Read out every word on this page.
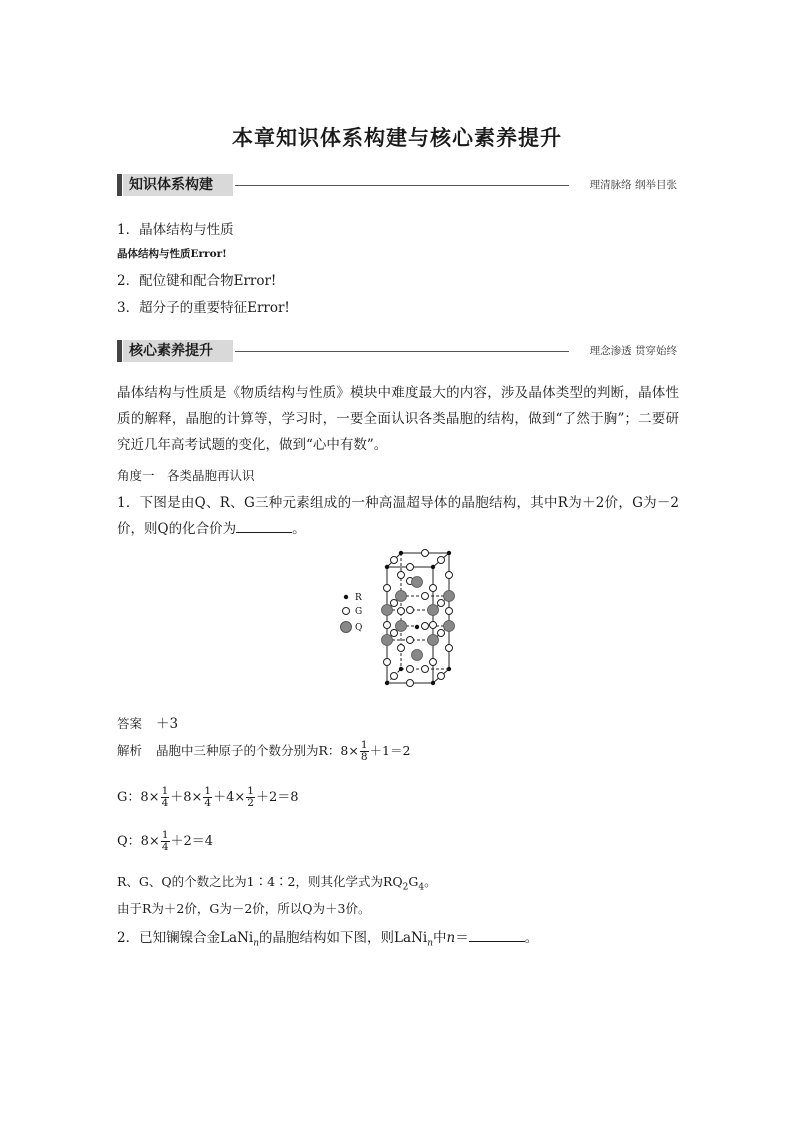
本章知识体系构建与核心素养提升
知识体系构建	理清脉络 纲举目张
1．晶体结构与性质
晶体结构与性质Error!
2．配位键和配合物Error!
3．超分子的重要特征Error!
核心素养提升	理念渗透 贯穿始终
晶体结构与性质是《物质结构与性质》模块中难度最大的内容，涉及晶体类型的判断，晶体性质的解释，晶胞的计算等，学习时，一要全面认识各类晶胞的结构，做到“了然于胸”；二要研究近几年高考试题的变化，做到“心中有数”。
角度一　各类晶胞再认识
1．下图是由Q、R、G三种元素组成的一种高温超导体的晶胞结构，其中R为＋2价，G为－2价，则Q的化合价为	。
R
G
Q
答案 ＋3
解析 晶胞中三种原子的个数分别为R：$8\times \frac{1}{8} +1=2$
G：$8\times \frac{1}{4} +8\times \frac{1}{4} +4\times \frac{1}{2} +2=8$
Q：$8\times \frac{1}{4} +2=4$
R、G、Q的个数之比为1∶4∶2，则其化学式为$RQ_2G_4$。
由于R为＋2价，G为－2价，所以Q为＋3价。
2．已知镧镍合金LaNi$_n$的晶胞结构如下图，则LaNi$_n$中n＝	。
